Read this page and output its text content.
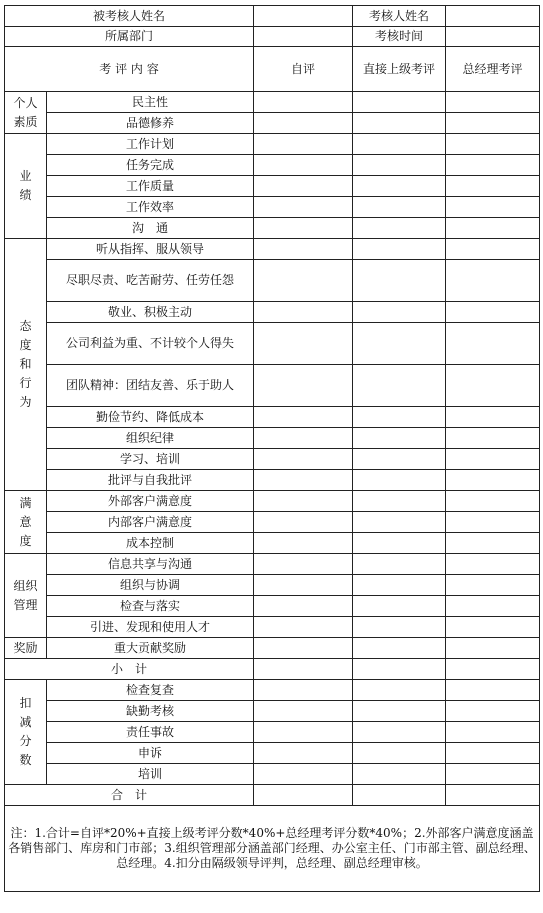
被考核人姓名			考核人姓名	
所属部门			考核时间	
考 评 内 容		自评	直接上级考评	总经理考评
个人素质	民主性			
	品德修养			
业绩	工作计划			
	任务完成			
	工作质量			
	工作效率			
	沟　通			
态度和行为	听从指挥、服从领导			
	尽职尽责、吃苦耐劳、任劳任怨			
	敬业、积极主动			
	公司利益为重、不计较个人得失			
	团队精神：团结友善、乐于助人			
	勤俭节约、降低成本			
	组织纪律			
	学习、培训			
	批评与自我批评			
满意度	外部客户满意度			
	内部客户满意度			
	成本控制			
组织管理	信息共享与沟通			
	组织与协调			
	检查与落实			
	引进、发现和使用人才			
奖励	重大贡献奖励			
小　计				
扣减分数	检查复查			
	缺勤考核			
	责任事故			
	申诉			
	培训			
合　计				
注：1.合计=自评*20%+直接上级考评分数*40%+总经理考评分数*40%；2.外部客户满意度涵盖各销售部门、库房和门市部；3.组织管理部分涵盖部门经理、办公室主任、门市部主管、副总经理、总经理。4.扣分由隔级领导评判，总经理、副总经理审核。				
